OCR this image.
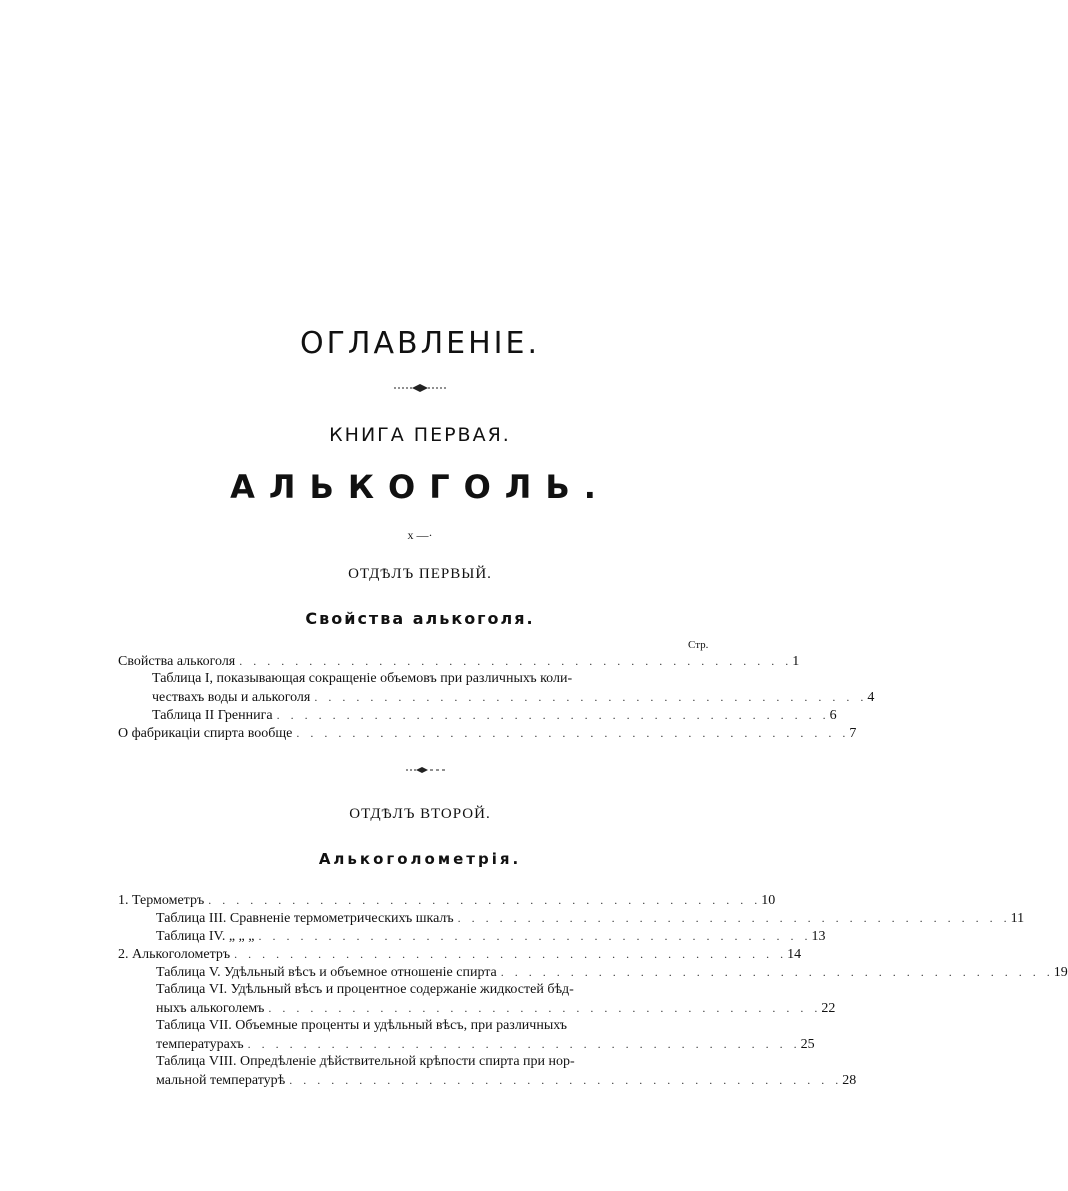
ОГЛАВЛЕНІЕ.
КНИГА ПЕРВАЯ.
АЛЬКОГОЛЬ.
x —·
ОТДѢЛЪ ПЕРВЫЙ.
Свойства алькоголя.
Стр.
Свойства алькоголя . . . . . . . . . . . . . . . . . . . . . . . . . . . . . . . . . . . . . . . . 1
Таблица I, показывающая сокращеніе объемовъ при различныхъ коли-
чествахъ воды и алькоголя . . . . . . . . . . . . . . . . . . . . . . . . . . . . . . . . . . . . . . . . 4
Таблица II Греннига . . . . . . . . . . . . . . . . . . . . . . . . . . . . . . . . . . . . . . . . 6
О фабрикаціи спирта вообще . . . . . . . . . . . . . . . . . . . . . . . . . . . . . . . . . . . . . . . . 7
ОТДѢЛЪ ВТОРОЙ.
Алькоголометрія.
1. Термометръ . . . . . . . . . . . . . . . . . . . . . . . . . . . . . . . . . . . . . . . . 10
Таблица III. Сравненіе термометрическихъ шкалъ . . . . . . . . . . . . . . . . . . . . . . . . . . . . . . . . . . . . . . . . 11
Таблица IV. „ „ „ . . . . . . . . . . . . . . . . . . . . . . . . . . . . . . . . . . . . . . . . 13
2. Алькоголометръ . . . . . . . . . . . . . . . . . . . . . . . . . . . . . . . . . . . . . . . . 14
Таблица V. Удѣльный вѣсъ и объемное отношеніе спирта . . . . . . . . . . . . . . . . . . . . . . . . . . . . . . . . . . . . . . . . 19
Таблица VI. Удѣльный вѣсъ и процентное содержаніе жидкостей бѣд-
ныхъ алькоголемъ . . . . . . . . . . . . . . . . . . . . . . . . . . . . . . . . . . . . . . . . 22
Таблица VII. Объемные проценты и удѣльный вѣсъ, при различныхъ
температурахъ . . . . . . . . . . . . . . . . . . . . . . . . . . . . . . . . . . . . . . . . 25
Таблица VIII. Опредѣленіе дѣйствительной крѣпости спирта при нор-
мальной температурѣ . . . . . . . . . . . . . . . . . . . . . . . . . . . . . . . . . . . . . . . . 28
